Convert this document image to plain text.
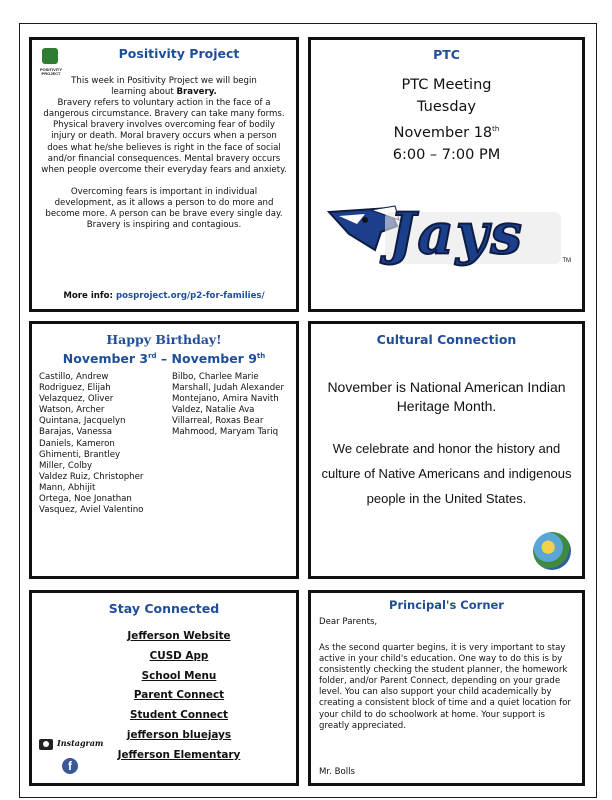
POSITIVITY PROJECT
Positivity Project
This week in Positivity Project we will begin learning about Bravery.
Bravery refers to voluntary action in the face of a dangerous circumstance. Bravery can take many forms. Physical bravery involves overcoming fear of bodily injury or death. Moral bravery occurs when a person does what he/she believes is right in the face of social and/or financial consequences. Mental bravery occurs when people overcome their everyday fears and anxiety.
Overcoming fears is important in individual development, as it allows a person to do more and become more. A person can be brave every single day.
Bravery is inspiring and contagious.
More info: posproject.org/p2-for-families/
PTC
PTC Meeting
Tuesday
November 18th
6:00 – 7:00 PM
Jays	TM
Happy Birthday!
November 3rd – November 9th
Castillo, Andrew
Rodriguez, Elijah
Velazquez, Oliver
Watson, Archer
Quintana, Jacquelyn
Barajas, Vanessa
Daniels, Kameron
Ghimenti, Brantley
Miller, Colby
Valdez Ruiz, Christopher
Mann, Abhijit
Ortega, Noe Jonathan
Vasquez, Aviel Valentino
Bilbo, Charlee Marie
Marshall, Judah Alexander
Montejano, Amira Navith
Valdez, Natalie Ava
Villarreal, Roxas Bear
Mahmood, Maryam Tariq
Cultural Connection
November is National American Indian Heritage Month.
We celebrate and honor the history and culture of Native Americans and indigenous people in the United States.
Stay Connected
Jefferson Website
CUSD App
School Menu
Parent Connect
Student Connect
jefferson bluejays
Jefferson Elementary
Instagram
f
Principal's Corner
Dear Parents,
As the second quarter begins, it is very important to stay active in your child's education. One way to do this is by consistently checking the student planner, the homework folder, and/or Parent Connect, depending on your grade level. You can also support your child academically by creating a consistent block of time and a quiet location for your child to do schoolwork at home. Your support is greatly appreciated.
Mr. Bolls
